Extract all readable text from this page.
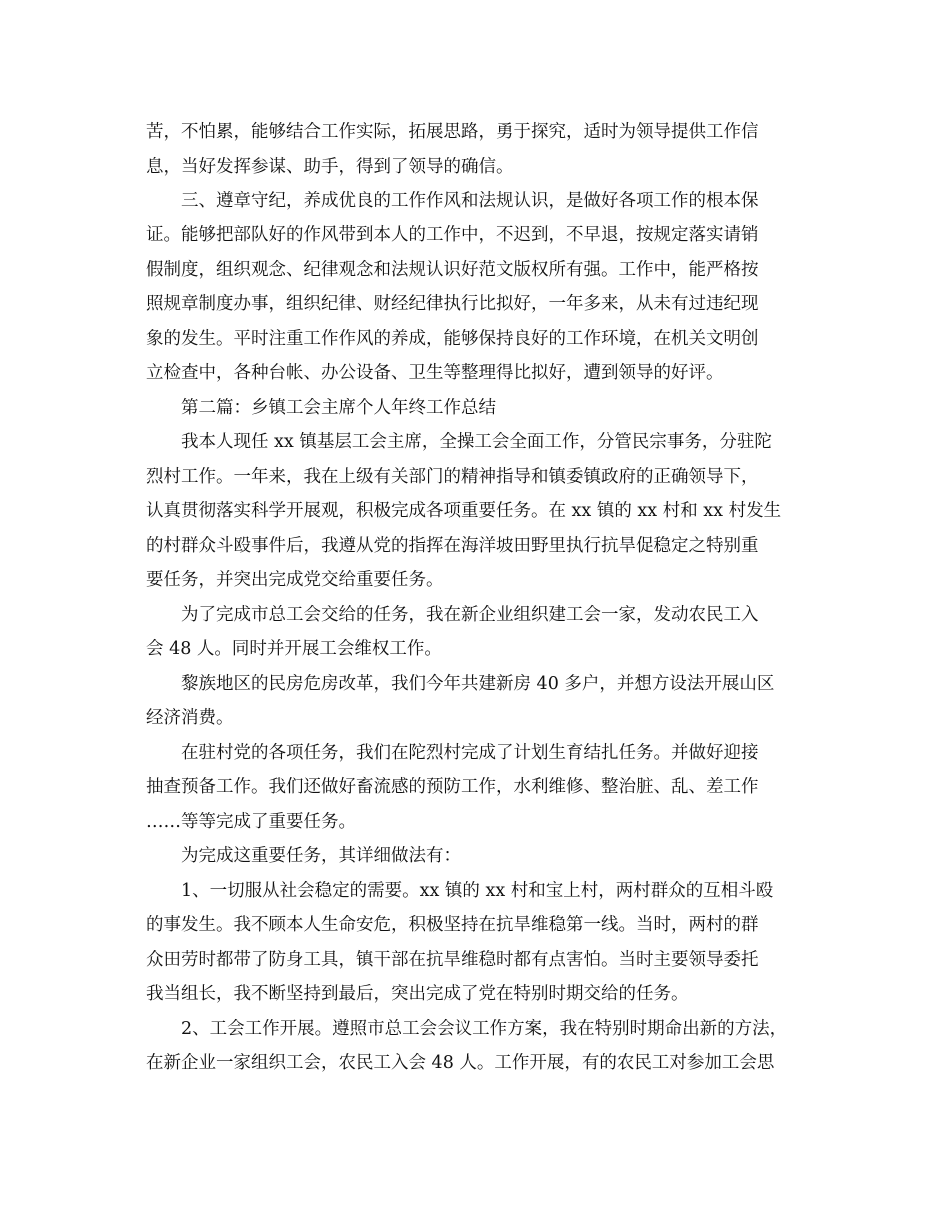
苦，不怕累，能够结合工作实际，拓展思路，勇于探究，适时为领导提供工作信
息，当好发挥参谋、助手，得到了领导的确信。
三、遵章守纪，养成优良的工作作风和法规认识，是做好各项工作的根本保
证。能够把部队好的作风带到本人的工作中，不迟到，不早退，按规定落实请销
假制度，组织观念、纪律观念和法规认识好范文版权所有强。工作中，能严格按
照规章制度办事，组织纪律、财经纪律执行比拟好，一年多来，从未有过违纪现
象的发生。平时注重工作作风的养成，能够保持良好的工作环境，在机关文明创
立检查中，各种台帐、办公设备、卫生等整理得比拟好，遭到领导的好评。
第二篇：乡镇工会主席个人年终工作总结
我本人现任 xx 镇基层工会主席，全操工会全面工作，分管民宗事务，分驻陀
烈村工作。一年来，我在上级有关部门的精神指导和镇委镇政府的正确领导下，
认真贯彻落实科学开展观，积极完成各项重要任务。在 xx 镇的 xx 村和 xx 村发生
的村群众斗殴事件后，我遵从党的指挥在海洋坡田野里执行抗旱促稳定之特别重
要任务，并突出完成党交给重要任务。
为了完成市总工会交给的任务，我在新企业组织建工会一家，发动农民工入
会 48 人。同时并开展工会维权工作。
黎族地区的民房危房改革，我们今年共建新房 40 多户，并想方设法开展山区
经济消费。
在驻村党的各项任务，我们在陀烈村完成了计划生育结扎任务。并做好迎接
抽查预备工作。我们还做好畜流感的预防工作，水利维修、整治脏、乱、差工作
……等等完成了重要任务。
为完成这重要任务，其详细做法有：
1、一切服从社会稳定的需要。xx 镇的 xx 村和宝上村，两村群众的互相斗殴
的事发生。我不顾本人生命安危，积极坚持在抗旱维稳第一线。当时，两村的群
众田劳时都带了防身工具，镇干部在抗旱维稳时都有点害怕。当时主要领导委托
我当组长，我不断坚持到最后，突出完成了党在特别时期交给的任务。
2、工会工作开展。遵照市总工会会议工作方案，我在特别时期命出新的方法，
在新企业一家组织工会，农民工入会 48 人。工作开展，有的农民工对参加工会思
